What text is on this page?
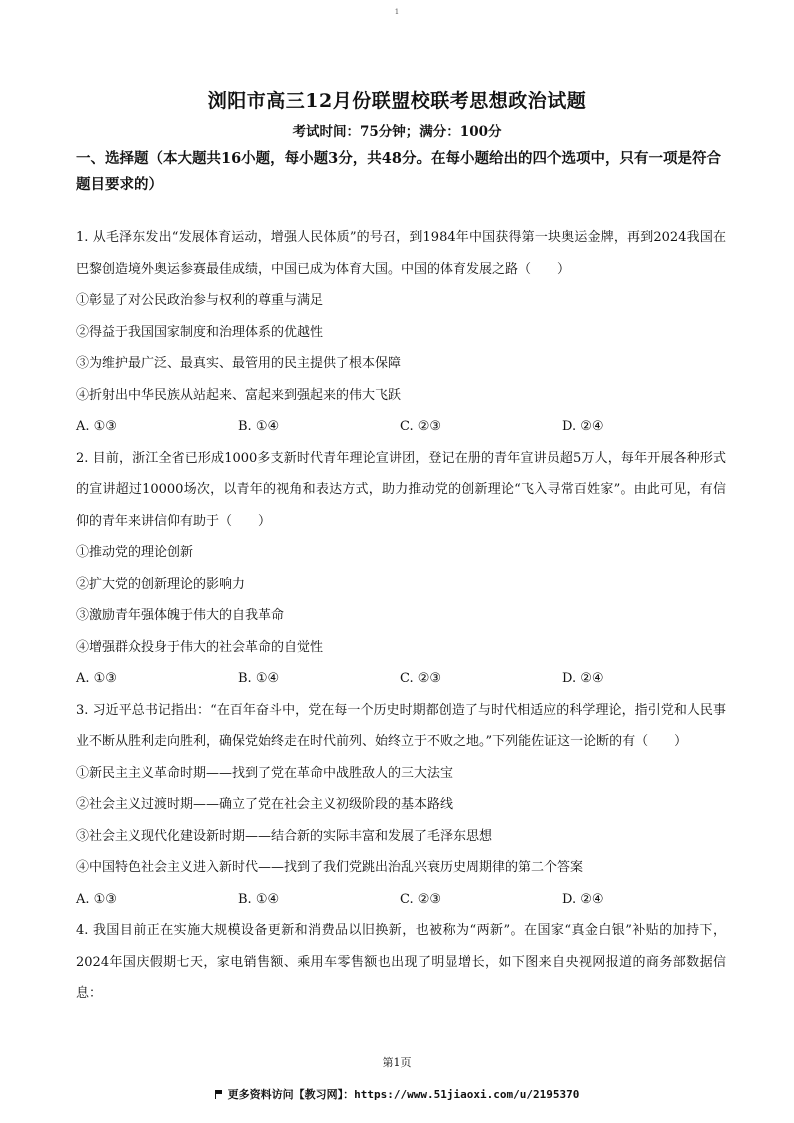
1
浏阳市高三12月份联盟校联考思想政治试题
考试时间：75分钟；满分：100分
一、选择题（本大题共16小题，每小题3分，共48分。在每小题给出的四个选项中，只有一项是符合题目要求的）

1. 从毛泽东发出“发展体育运动，增强人民体质”的号召，到1984年中国获得第一块奥运金牌，再到2024我国在巴黎创造境外奥运参赛最佳成绩，中国已成为体育大国。中国的体育发展之路（　　）

①彰显了对公民政治参与权利的尊重与满足

②得益于我国国家制度和治理体系的优越性

③为维护最广泛、最真实、最管用的民主提供了根本保障

④折射出中华民族从站起来、富起来到强起来的伟大飞跃

A. ①③	B. ①④	C. ②③	D. ②④

2. 目前，浙江全省已形成1000多支新时代青年理论宣讲团，登记在册的青年宣讲员超5万人，每年开展各种形式的宣讲超过10000场次，以青年的视角和表达方式，助力推动党的创新理论“飞入寻常百姓家”。由此可见，有信仰的青年来讲信仰有助于（　　）

①推动党的理论创新

②扩大党的创新理论的影响力

③激励青年强体魄于伟大的自我革命

④增强群众投身于伟大的社会革命的自觉性

A. ①③	B. ①④	C. ②③	D. ②④

3. 习近平总书记指出：“在百年奋斗中，党在每一个历史时期都创造了与时代相适应的科学理论，指引党和人民事业不断从胜利走向胜利，确保党始终走在时代前列、始终立于不败之地。”下列能佐证这一论断的有（　　）

①新民主主义革命时期——找到了党在革命中战胜敌人的三大法宝

②社会主义过渡时期——确立了党在社会主义初级阶段的基本路线

③社会主义现代化建设新时期——结合新的实际丰富和发展了毛泽东思想

④中国特色社会主义进入新时代——找到了我们党跳出治乱兴衰历史周期律的第二个答案

A. ①③	B. ①④	C. ②③	D. ②④

4. 我国目前正在实施大规模设备更新和消费品以旧换新，也被称为“两新”。在国家“真金白银”补贴的加持下，2024年国庆假期七天，家电销售额、乘用车零售额也出现了明显增长，如下图来自央视网报道的商务部数据信息：

第1页
更多资料访问【教习网】：https://www.51jiaoxi.com/u/2195370
